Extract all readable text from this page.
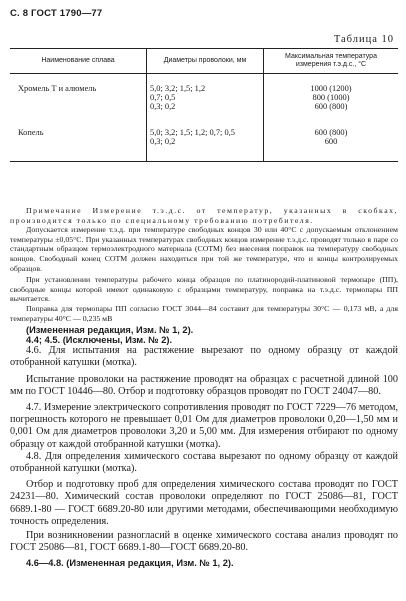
С. 8 ГОСТ 1790—77
Таблица 10
Наименование сплава	Диаметры проволоки, мм	Максимальная температура измерения т.э.д.с., °С

Хромель Т и алюмель	5,0; 3,2; 1,5; 1,2	1000 (1200)
	0,7; 0,5	800 (1000)
	0,3; 0,2	600 (800)

Копель	5,0; 3,2; 1,5; 1,2; 0,7; 0,5	600 (800)
	0,3; 0,2	600

Примечание Измерение т.э.д.с. от температур, указанных в скобках, производится только по специальному требованию потребителя.

Допускается измерение т.э.д. при температуре свободных концов 30 или 40°С с допускаемым отклонением температуры ±0,05°С. При указанных температурах свободных концов измерение т.э.д.с. проводят только в паре со стандартным образцом термоэлектродного материала (СОТМ) без внесения поправок на температуру свободных концов. Свободный конец СОТМ должен находиться при той же температуре, что и концы контролируемых образцов.

При установлении температуры рабочего конца образцов по платинородий-платиновой термопаре (ПП), свободные концы которой имеют одинаковую с образцами температуру, поправка на т.э.д.с. термопары ПП вычитается.

Поправка для термопары ПП согласно ГОСТ 3044—84 составит для температуры 30°С — 0,173 мВ, а для температуры 40°С — 0,235 мВ

(Измененная редакция, Изм. № 1, 2).

4.4; 4.5. (Исключены, Изм. № 2).

4.6. Для испытания на растяжение вырезают по одному образцу от каждой отобранной катушки (мотка).

Испытание проволоки на растяжение проводят на образцах с расчетной длиной 100 мм по ГОСТ 10446—80. Отбор и подготовку образцов проводят по ГОСТ 24047—80.

4.7. Измерение электрического сопротивления проводят по ГОСТ 7229—76 методом, погрешность которого не превышает 0,01 Ом для диаметров проволоки 0,20—1,50 мм и 0,001 Ом для диаметров проволоки 3,20 и 5,00 мм. Для измерения отбирают по одному образцу от каждой отобранной катушки (мотка).

4.8. Для определения химического состава вырезают по одному образцу от каждой отобранной катушки (мотка).

Отбор и подготовку проб для определения химического состава проводят по ГОСТ 24231—80. Химический состав проволоки определяют по ГОСТ 25086—81, ГОСТ 6689.1-80 — ГОСТ 6689.20-80 или другими методами, обеспечивающими необходимую точность определения.

При возникновении разногласий в оценке химического состава анализ проводят по ГОСТ 25086—81, ГОСТ 6689.1-80—ГОСТ 6689.20-80.

4.6—4.8. (Измененная редакция, Изм. № 1, 2).
